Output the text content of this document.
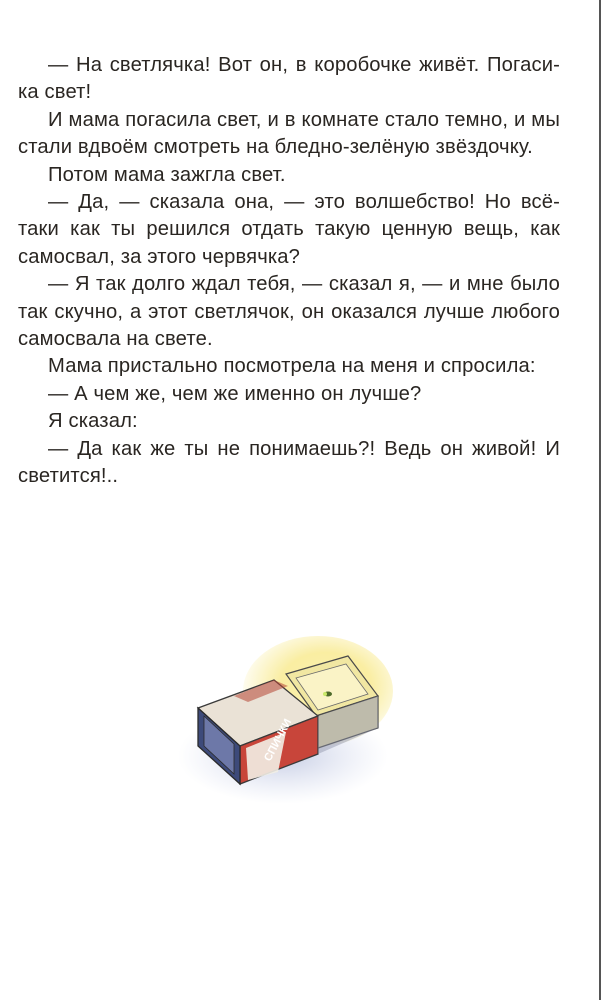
— На светлячка! Вот он, в коробочке живёт. Погаси-ка свет!

И мама погасила свет, и в комнате стало темно, и мы стали вдвоём смотреть на бледно-зелёную звёздочку.

Потом мама зажгла свет.

— Да, — сказала она, — это волшебство! Но всё-таки как ты решился отдать такую ценную вещь, как самосвал, за этого червячка?

— Я так долго ждал тебя, — сказал я, — и мне было так скучно, а этот светлячок, он оказался лучше любого самосвала на свете.

Мама пристально посмотрела на меня и спросила:

— А чем же, чем же именно он лучше?

Я сказал:

— Да как же ты не понимаешь?! Ведь он живой! И светится!..

СПИЧКИ
